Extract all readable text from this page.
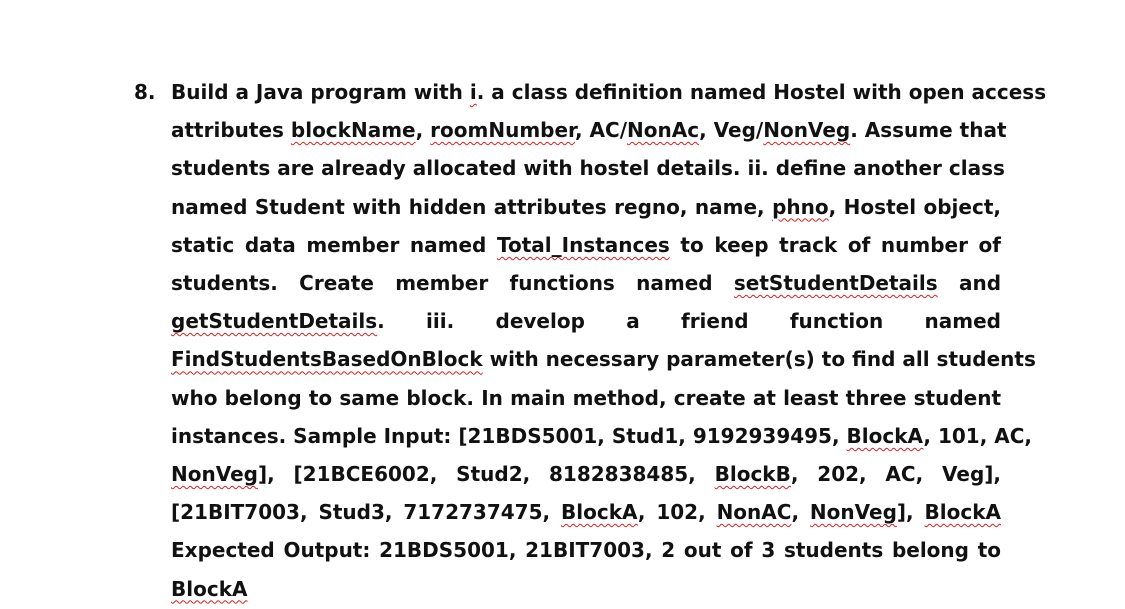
8. Build a Java program with i. a class definition named Hostel with open access
attributes blockName, roomNumber, AC/NonAc, Veg/NonVeg. Assume that
students are already allocated with hostel details. ii. define another class
named Student with hidden attributes regno, name, phno, Hostel object,
static data member named Total_Instances to keep track of number of
students. Create member functions named setStudentDetails and
getStudentDetails. iii. develop a friend function named
FindStudentsBasedOnBlock with necessary parameter(s) to find all students
who belong to same block. In main method, create at least three student
instances. Sample Input: [21BDS5001, Stud1, 9192939495, BlockA, 101, AC,
NonVeg], [21BCE6002, Stud2, 8182838485, BlockB, 202, AC, Veg],
[21BIT7003, Stud3, 7172737475, BlockA, 102, NonAC, NonVeg], BlockA
Expected Output: 21BDS5001, 21BIT7003, 2 out of 3 students belong to
BlockA
